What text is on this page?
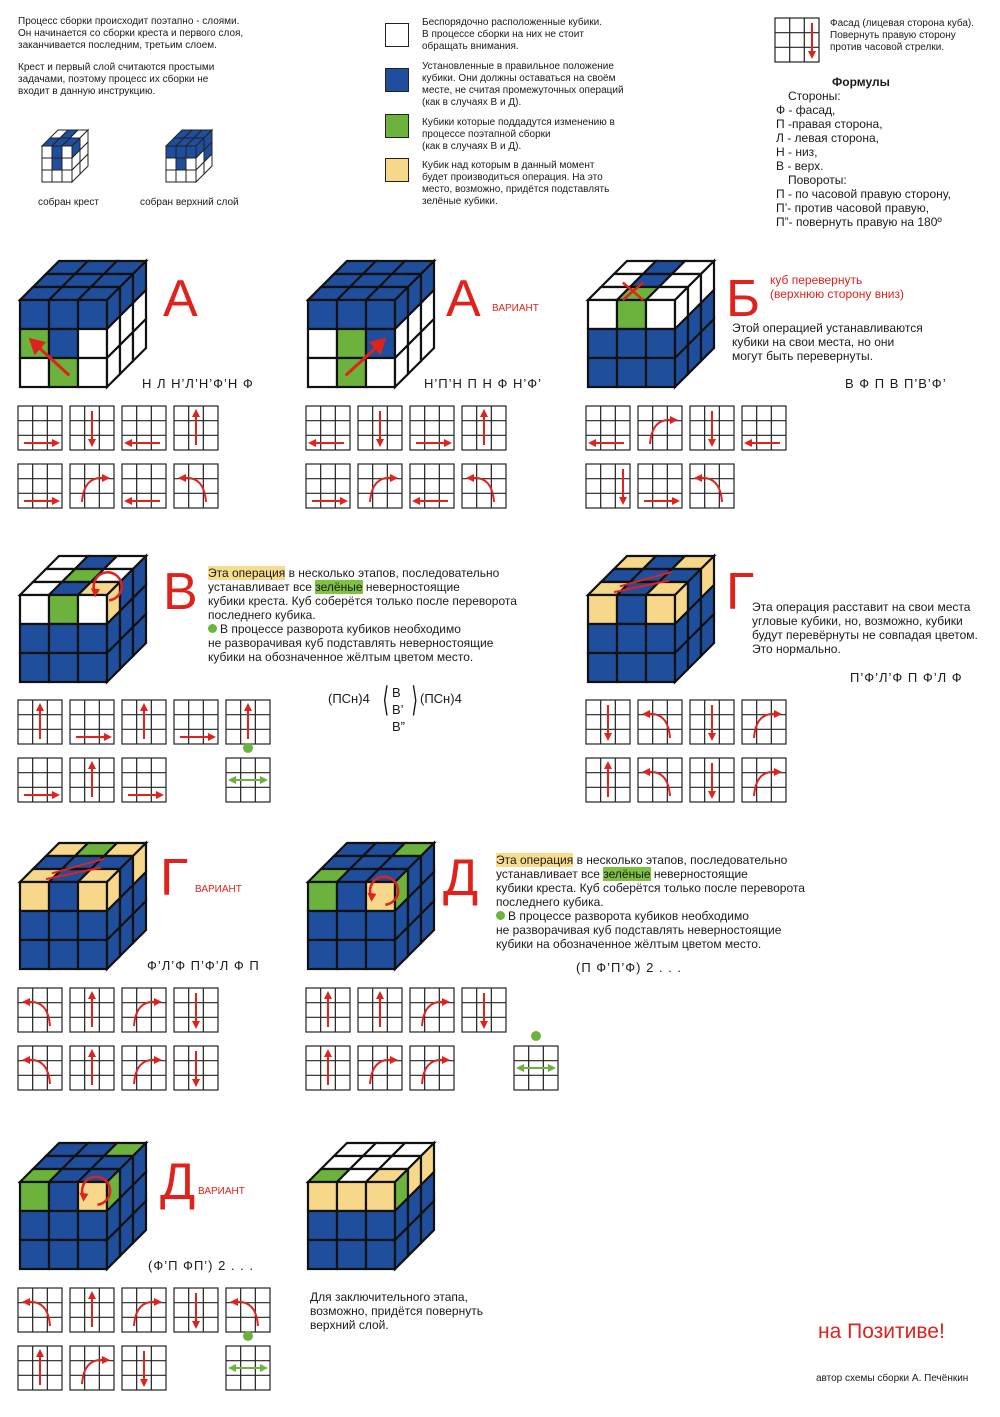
Процесс сборки происходит поэтапно - слоями.
Он начинается со сборки креста и первого слоя,
заканчивается последним, третьим слоем.
Крест и первый слой считаются простыми
задачами, поэтому процесс их сборки не
входит в данную инструкцию.
собран крест	собран верхний слой
Беспорядочно расположенные кубики.
В процессе сборки на них не стоит
обращать внимания.
Установленные в правильное положение
кубики. Они должны оставаться на своём
месте, не считая промежуточных операций
(как в случаях В и Д).
Кубики которые поддадутся изменению в
процессе поэтапной сборки
(как в случаях В и Д).
Кубик над которым в данный момент
будет производиться операция. На это
место, возможно, придётся подставлять
зелёные кубики.
Фасад (лицевая сторона куба).
Повернуть правую сторону
против часовой стрелки.
Формулы
Стороны:
Ф - фасад,
П -правая сторона,
Л - левая сторона,
Н - низ,
В - верх.
Повороты:
П - по часовой правую сторону,
П’- против часовой правую,
П”- повернуть правую на 180º
А
Н Л Н’Л’Н’Ф’Н Ф
А ВАРИАНТ
Н’П’Н П Н Ф Н’Ф’
Б куб перевернуть
(верхнюю сторону вниз)
Этой операцией устанавливаются
кубики на свои места, но они
могут быть перевернуты.
В Ф П В П’В’Ф’
В Эта операция в несколько этапов, последовательно
устанавливает все зелёные неверностоящие
кубики креста. Куб соберётся только после переворота
последнего кубика.
В процессе разворота кубиков необходимо
не разворачивая куб подставлять неверностоящие
кубики на обозначенное жёлтым цветом место.
(ПСн)4 ⟨ В
В’
В”
⟩ (ПСн)4
Г
Эта операция расставит на свои места
угловые кубики, но, возможно, кубики
будут перевёрнуты не совпадая цветом.
Это нормально.
П’Ф’Л’Ф П Ф’Л Ф
Г ВАРИАНТ
Ф’Л’Ф П’Ф’Л Ф П
Д Эта операция в несколько этапов, последовательно
устанавливает все зелёные неверностоящие
кубики креста. Куб соберётся только после переворота
последнего кубика.
В процессе разворота кубиков необходимо
не разворачивая куб подставлять неверностоящие
кубики на обозначенное жёлтым цветом место.
(П Ф’П’Ф) 2 . . .
Д ВАРИАНТ
(Ф’П ФП’) 2 . . .
Для заключительного этапа,
возможно, придётся повернуть
верхний слой.	на Позитиве!
автор схемы сборки А. Печёнкин
